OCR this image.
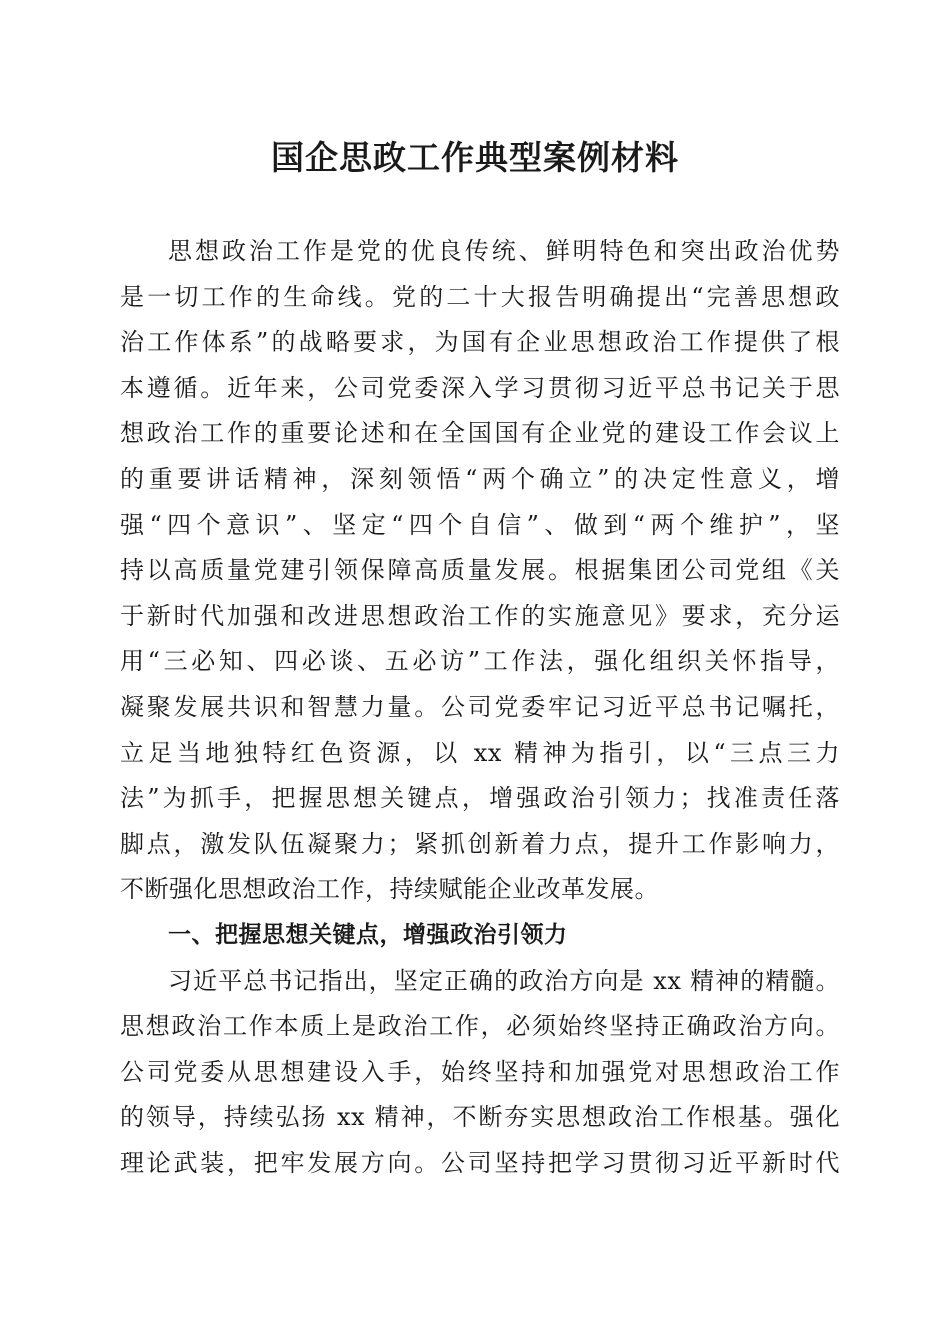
国企思政工作典型案例材料
思想政治工作是党的优良传统、鲜明特色和突出政治优势
是一切工作的生命线。党的二十大报告明确提出“完善思想政
治工作体系”的战略要求，为国有企业思想政治工作提供了根
本遵循。近年来，公司党委深入学习贯彻习近平总书记关于思
想政治工作的重要论述和在全国国有企业党的建设工作会议上
的重要讲话精神，深刻领悟“两个确立”的决定性意义，增
强“四个意识”、坚定“四个自信”、做到“两个维护”，坚
持以高质量党建引领保障高质量发展。根据集团公司党组《关
于新时代加强和改进思想政治工作的实施意见》要求，充分运
用“三必知、四必谈、五必访”工作法，强化组织关怀指导，
凝聚发展共识和智慧力量。公司党委牢记习近平总书记嘱托，
立足当地独特红色资源，以 xx 精神为指引，以“三点三力
法”为抓手，把握思想关键点，增强政治引领力；找准责任落
脚点，激发队伍凝聚力；紧抓创新着力点，提升工作影响力，
不断强化思想政治工作，持续赋能企业改革发展。
一、把握思想关键点，增强政治引领力
习近平总书记指出，坚定正确的政治方向是 xx 精神的精髓。
思想政治工作本质上是政治工作，必须始终坚持正确政治方向。
公司党委从思想建设入手，始终坚持和加强党对思想政治工作
的领导，持续弘扬 xx 精神，不断夯实思想政治工作根基。强化
理论武装，把牢发展方向。公司坚持把学习贯彻习近平新时代
